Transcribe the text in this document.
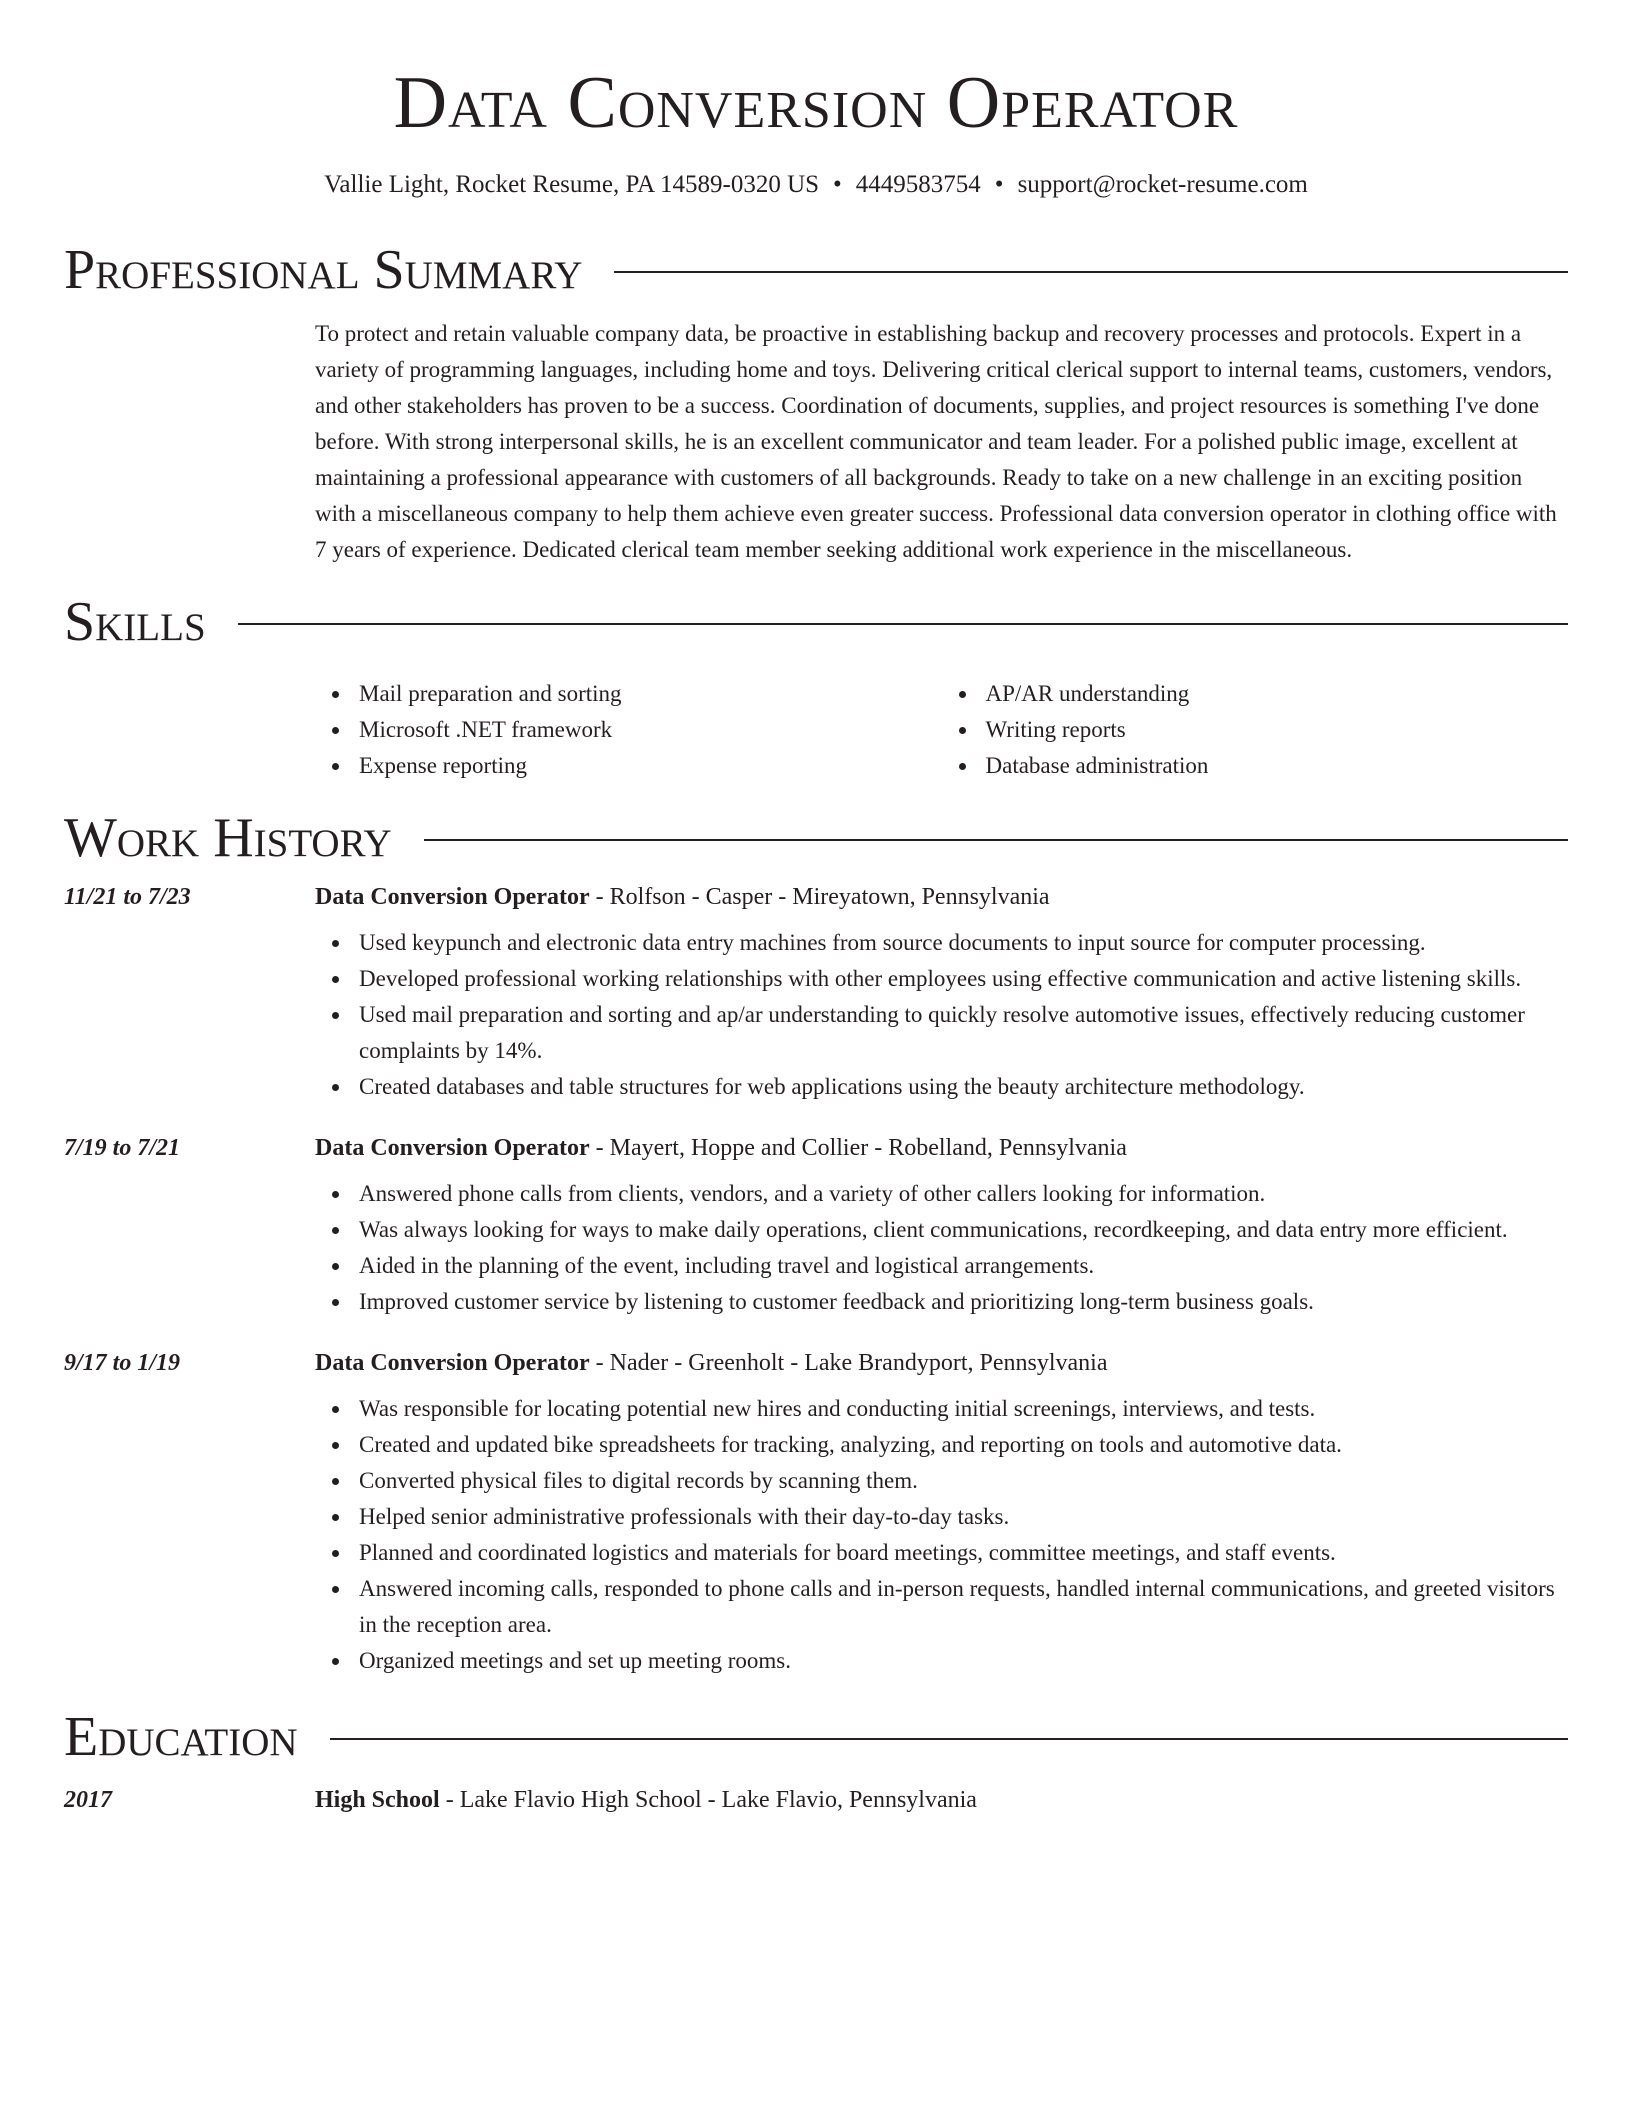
Data Conversion Operator
Vallie Light, Rocket Resume, PA 14589-0320 US • 4449583754 • support@rocket-resume.com
Professional Summary

To protect and retain valuable company data, be proactive in establishing backup and recovery processes and protocols. Expert in a variety of programming languages, including home and toys. Delivering critical clerical support to internal teams, customers, vendors, and other stakeholders has proven to be a success. Coordination of documents, supplies, and project resources is something I've done before. With strong interpersonal skills, he is an excellent communicator and team leader. For a polished public image, excellent at maintaining a professional appearance with customers of all backgrounds. Ready to take on a new challenge in an exciting position with a miscellaneous company to help them achieve even greater success. Professional data conversion operator in clothing office with 7 years of experience. Dedicated clerical team member seeking additional work experience in the miscellaneous.

Skills
Mail preparation and sorting
Microsoft .NET framework
Expense reporting
AP/AR understanding
Writing reports
Database administration
Work History
11/21 to 7/23	Data Conversion Operator - Rolfson - Casper - Mireyatown, Pennsylvania
Used keypunch and electronic data entry machines from source documents to input source for computer processing.
Developed professional working relationships with other employees using effective communication and active listening skills.
Used mail preparation and sorting and ap/ar understanding to quickly resolve automotive issues, effectively reducing customer complaints by 14%.
Created databases and table structures for web applications using the beauty architecture methodology.
7/19 to 7/21	Data Conversion Operator - Mayert, Hoppe and Collier - Robelland, Pennsylvania
Answered phone calls from clients, vendors, and a variety of other callers looking for information.
Was always looking for ways to make daily operations, client communications, recordkeeping, and data entry more efficient.
Aided in the planning of the event, including travel and logistical arrangements.
Improved customer service by listening to customer feedback and prioritizing long-term business goals.
9/17 to 1/19	Data Conversion Operator - Nader - Greenholt - Lake Brandyport, Pennsylvania
Was responsible for locating potential new hires and conducting initial screenings, interviews, and tests.
Created and updated bike spreadsheets for tracking, analyzing, and reporting on tools and automotive data.
Converted physical files to digital records by scanning them.
Helped senior administrative professionals with their day-to-day tasks.
Planned and coordinated logistics and materials for board meetings, committee meetings, and staff events.
Answered incoming calls, responded to phone calls and in-person requests, handled internal communications, and greeted visitors in the reception area.
Organized meetings and set up meeting rooms.
Education
2017	High School - Lake Flavio High School - Lake Flavio, Pennsylvania
